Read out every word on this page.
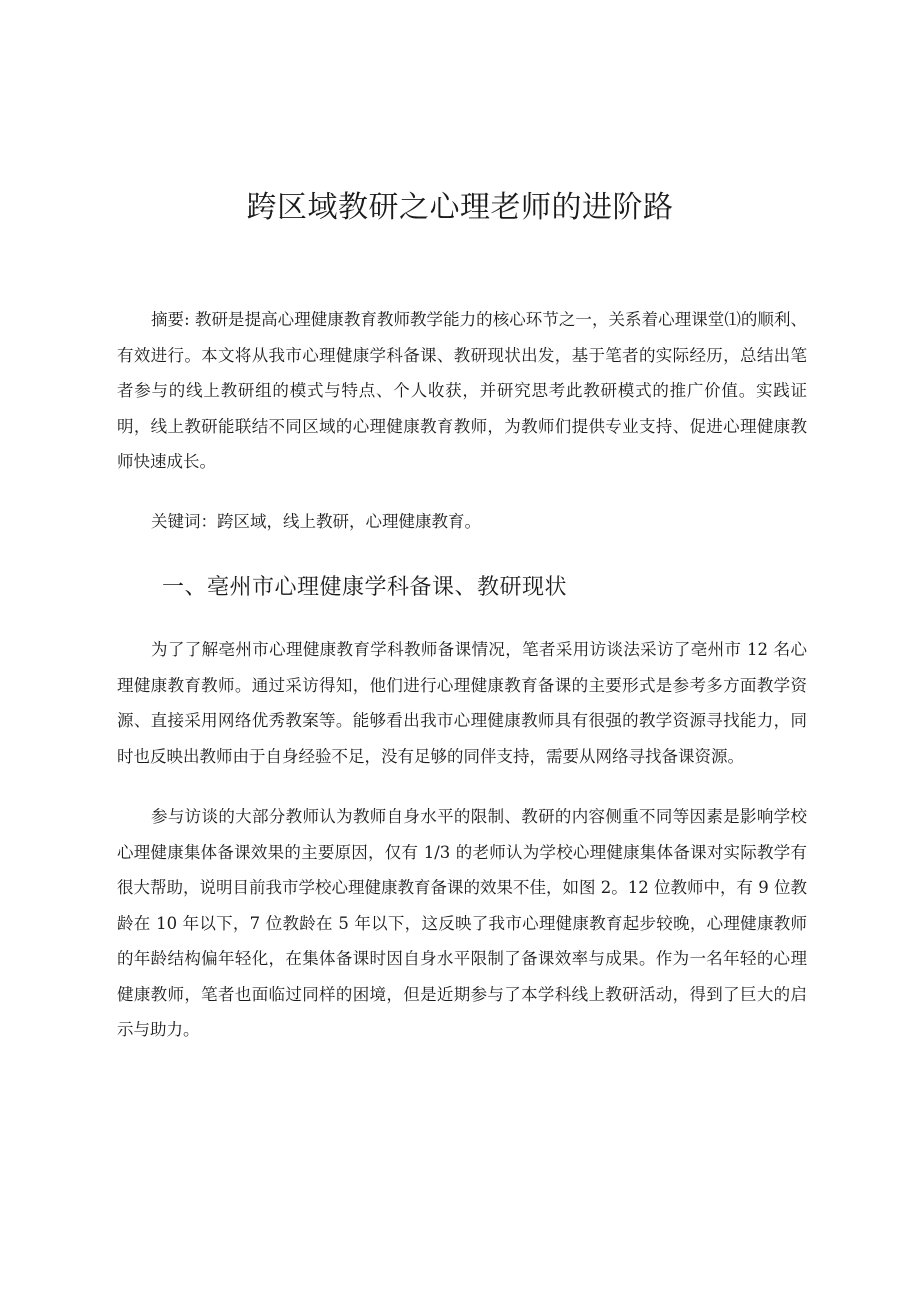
跨区域教研之心理老师的进阶路

摘要: 教研是提高心理健康教育教师教学能力的核心环节之一，关系着心理课堂⑴的顺利、有效进行。本文将从我市心理健康学科备课、教研现状出发，基于笔者的实际经历，总结出笔者参与的线上教研组的模式与特点、个人收获，并研究思考此教研模式的推广价值。实践证明，线上教研能联结不同区域的心理健康教育教师，为教师们提供专业支持、促进心理健康教师快速成长。

关键词：跨区域，线上教研，心理健康教育。

一、亳州市心理健康学科备课、教研现状

为了了解亳州市心理健康教育学科教师备课情况，笔者采用访谈法采访了亳州市 12 名心理健康教育教师。通过采访得知，他们进行心理健康教育备课的主要形式是参考多方面教学资源、直接采用网络优秀教案等。能够看出我市心理健康教师具有很强的教学资源寻找能力，同时也反映出教师由于自身经验不足，没有足够的同伴支持，需要从网络寻找备课资源。

参与访谈的大部分教师认为教师自身水平的限制、教研的内容侧重不同等因素是影响学校心理健康集体备课效果的主要原因，仅有 1/3 的老师认为学校心理健康集体备课对实际教学有很大帮助，说明目前我市学校心理健康教育备课的效果不佳，如图 2。12 位教师中，有 9 位教龄在 10 年以下，7 位教龄在 5 年以下，这反映了我市心理健康教育起步较晚，心理健康教师的年龄结构偏年轻化，在集体备课时因自身水平限制了备课效率与成果。作为一名年轻的心理健康教师，笔者也面临过同样的困境，但是近期参与了本学科线上教研活动，得到了巨大的启示与助力。
